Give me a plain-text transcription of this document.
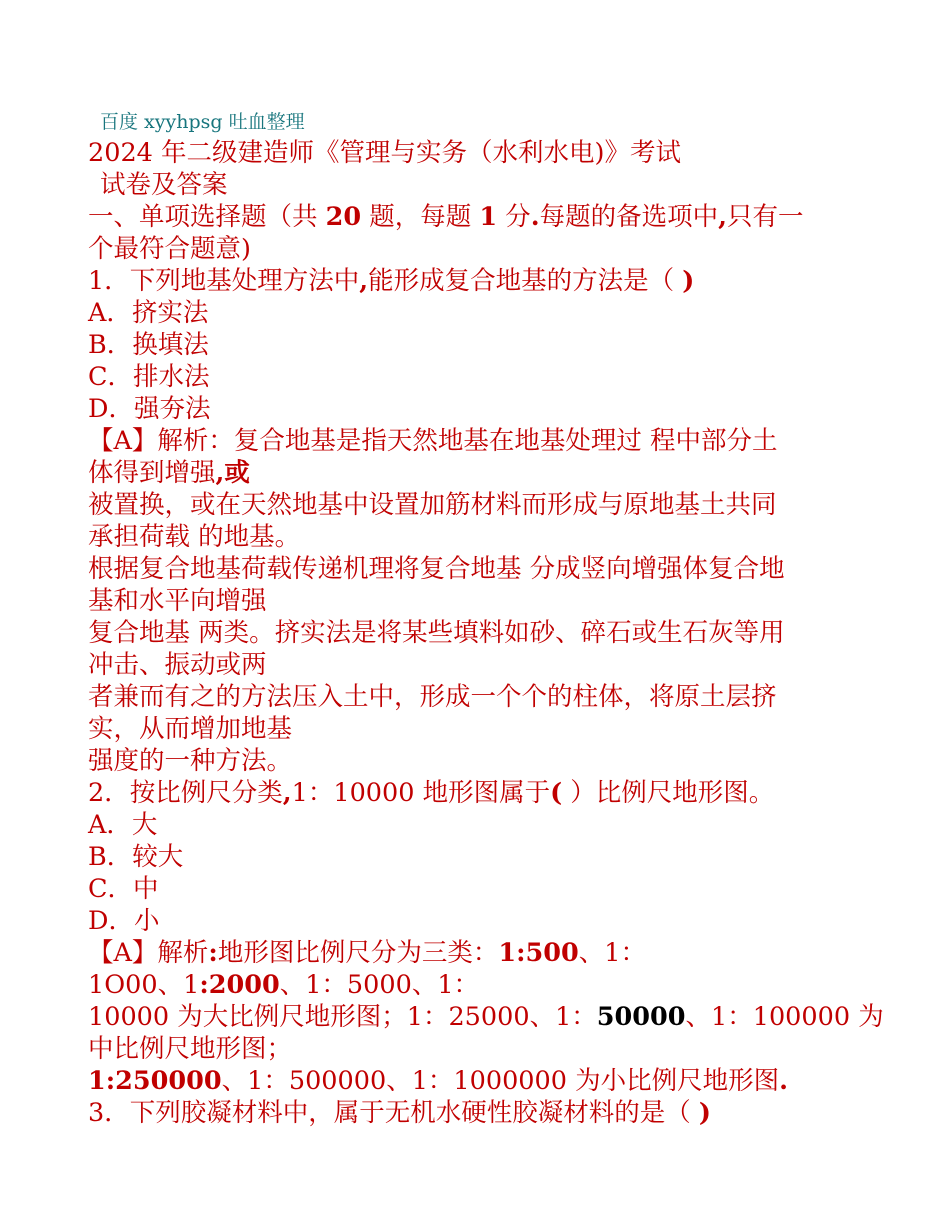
百度 xyyhpsg 吐血整理
2024 年二级建造师《管理与实务（水利水电)》考试
试卷及答案
一、单项选择题（共 20 题，每题 1 分.每题的备选项中,只有一
个最符合题意)
1．下列地基处理方法中,能形成复合地基的方法是（ )
A．挤实法
B．换填法
C．排水法
D．强夯法
【A】解析：复合地基是指天然地基在地基处理过 程中部分土
体得到增强,或
被置换，或在天然地基中设置加筋材料而形成与原地基土共同
承担荷载 的地基。
根据复合地基荷载传递机理将复合地基 分成竖向增强体复合地
基和水平向增强
复合地基 两类。挤实法是将某些填料如砂、碎石或生石灰等用
冲击、振动或两
者兼而有之的方法压入土中，形成一个个的柱体，将原土层挤
实，从而增加地基
强度的一种方法。
2．按比例尺分类,1：10000 地形图属于( ）比例尺地形图。
A．大
B．较大
C．中
D．小
【A】解析:地形图比例尺分为三类：1:500、1：
1O00、1:2000、1：5000、1：
10000 为大比例尺地形图；1：25000、1：50000、1：100000 为
中比例尺地形图；
1:250000、1：500000、1：1000000 为小比例尺地形图.
3．下列胶凝材料中，属于无机水硬性胶凝材料的是（ )
